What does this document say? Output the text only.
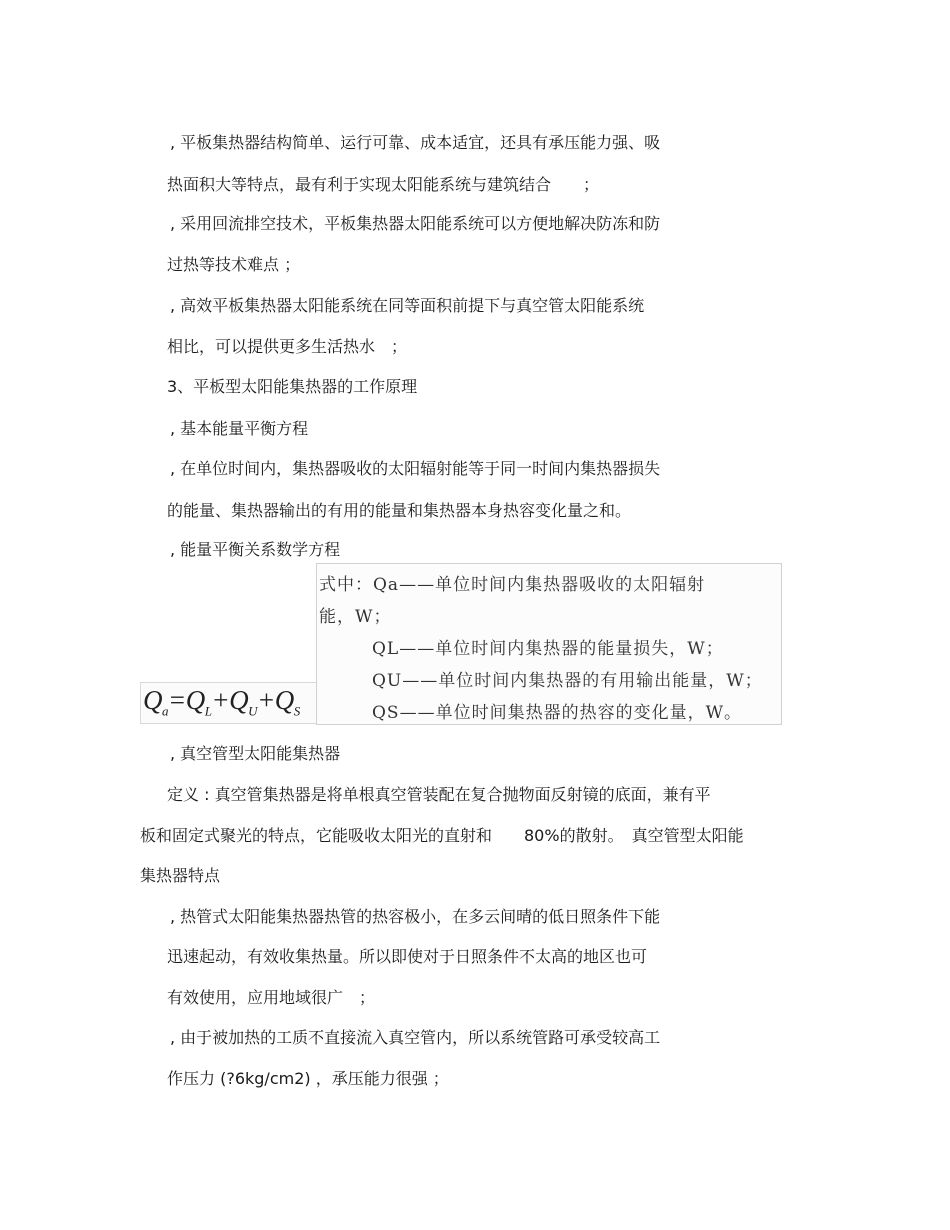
, 平板集热器结构简单、运行可靠、成本适宜，还具有承压能力强、吸
热面积大等特点，最有利于实现太阳能系统与建筑结合　　；
, 采用回流排空技术，平板集热器太阳能系统可以方便地解决防冻和防
过热等技术难点 ；
, 高效平板集热器太阳能系统在同等面积前提下与真空管太阳能系统
相比，可以提供更多生活热水　；
3、平板型太阳能集热器的工作原理
, 基本能量平衡方程
, 在单位时间内，集热器吸收的太阳辐射能等于同一时间内集热器损失
的能量、集热器输出的有用的能量和集热器本身热容变化量之和。
, 能量平衡关系数学方程
$Q_a=Q_L+Q_U+Q_S$
式中：Qa——单位时间内集热器吸收的太阳辐射
能，W；
QL——单位时间内集热器的能量损失，W；
QU——单位时间内集热器的有用输出能量，W；
QS——单位时间集热器的热容的变化量，W。
, 真空管型太阳能集热器
定义 : 真空管集热器是将单根真空管装配在复合抛物面反射镜的底面，兼有平
板和固定式聚光的特点，它能吸收太阳光的直射和　　80%的散射。　真空管型太阳能
集热器特点
, 热管式太阳能集热器热管的热容极小，在多云间晴的低日照条件下能
迅速起动，有效收集热量。所以即使对于日照条件不太高的地区也可
有效使用，应用地域很广　；
, 由于被加热的工质不直接流入真空管内，所以系统管路可承受较高工
作压力 (?6kg/cm2) ，承压能力很强 ；
